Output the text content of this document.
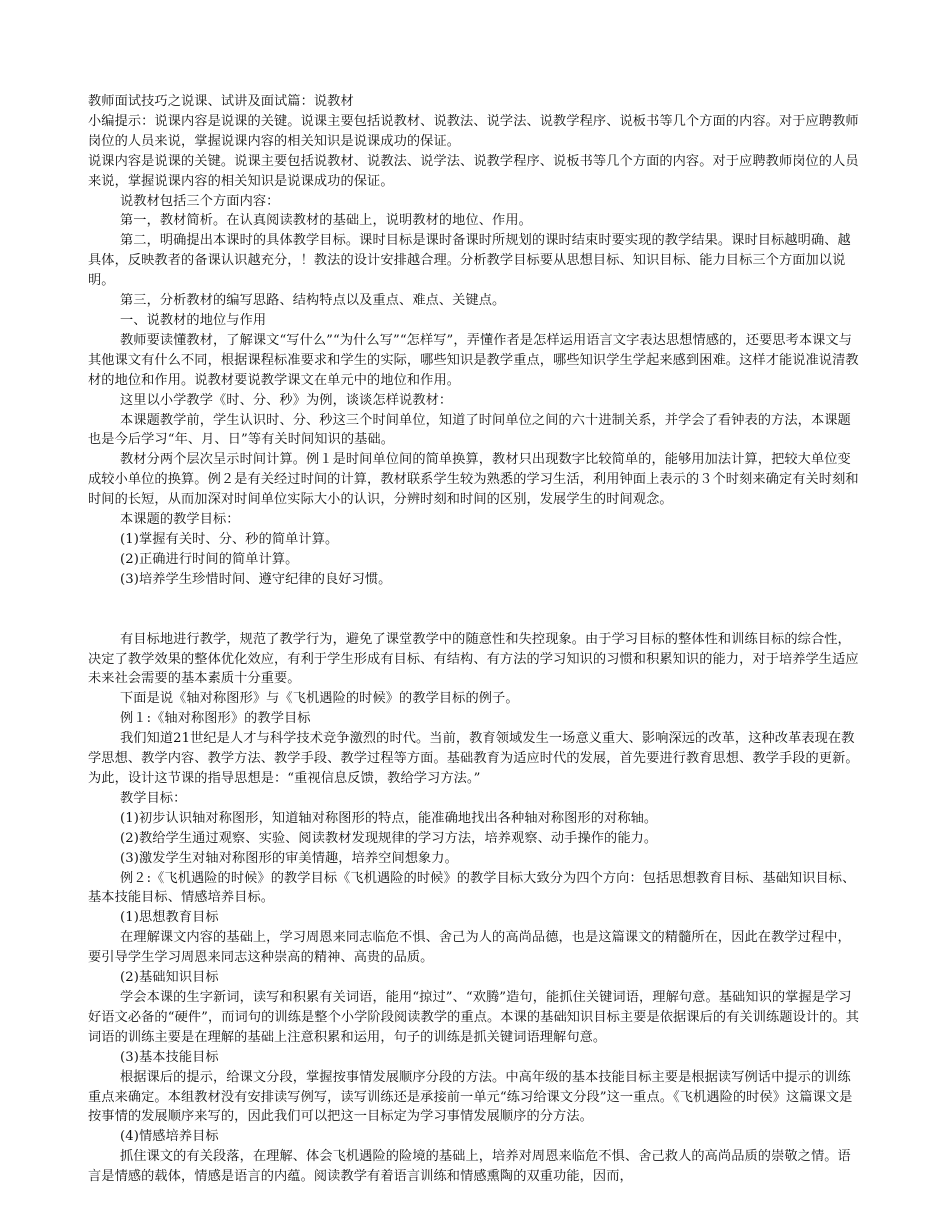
教师面试技巧之说课、试讲及面试篇：说教材

小编提示：说课内容是说课的关键。说课主要包括说教材、说教法、说学法、说教学程序、说板书等几个方面的内容。对于应聘教师岗位的人员来说，掌握说课内容的相关知识是说课成功的保证。

说课内容是说课的关键。说课主要包括说教材、说教法、说学法、说教学程序、说板书等几个方面的内容。对于应聘教师岗位的人员来说，掌握说课内容的相关知识是说课成功的保证。

说教材包括三个方面内容：

第一，教材简析。在认真阅读教材的基础上，说明教材的地位、作用。

第二，明确提出本课时的具体教学目标。课时目标是课时备课时所规划的课时结束时要实现的教学结果。课时目标越明确、越具体，反映教者的备课认识越充分，！教法的设计安排越合理。分析教学目标要从思想目标、知识目标、能力目标三个方面加以说明。

第三，分析教材的编写思路、结构特点以及重点、难点、关键点。

一、说教材的地位与作用

教师要读懂教材，了解课文“写什么”“为什么写”“怎样写”，弄懂作者是怎样运用语言文字表达思想情感的，还要思考本课文与其他课文有什么不同，根据课程标准要求和学生的实际，哪些知识是教学重点，哪些知识学生学起来感到困难。这样才能说准说清教材的地位和作用。说教材要说教学课文在单元中的地位和作用。

这里以小学教学《时、分、秒》为例，谈谈怎样说教材：

本课题教学前，学生认识时、分、秒这三个时间单位，知道了时间单位之间的六十进制关系，并学会了看钟表的方法，本课题也是今后学习“年、月、日”等有关时间知识的基础。

教材分两个层次呈示时间计算。例１是时间单位间的简单换算，教材只出现数字比较简单的，能够用加法计算，把较大单位变成较小单位的换算。例２是有关经过时间的计算，教材联系学生较为熟悉的学习生活，利用钟面上表示的３个时刻来确定有关时刻和时间的长短，从而加深对时间单位实际大小的认识，分辨时刻和时间的区别，发展学生的时间观念。

本课题的教学目标：

(1)掌握有关时、分、秒的简单计算。

(2)正确进行时间的简单计算。

(3)培养学生珍惜时间、遵守纪律的良好习惯。

有目标地进行教学，规范了教学行为，避免了课堂教学中的随意性和失控现象。由于学习目标的整体性和训练目标的综合性，决定了教学效果的整体优化效应，有利于学生形成有目标、有结构、有方法的学习知识的习惯和积累知识的能力，对于培养学生适应未来社会需要的基本素质十分重要。

下面是说《轴对称图形》与《飞机遇险的时候》的教学目标的例子。

例１:《轴对称图形》的教学目标

我们知道21世纪是人才与科学技术竞争激烈的时代。当前，教育领域发生一场意义重大、影响深远的改革，这种改革表现在教学思想、教学内容、教学方法、教学手段、教学过程等方面。基础教育为适应时代的发展，首先要进行教育思想、教学手段的更新。为此，设计这节课的指导思想是：“重视信息反馈，教给学习方法。”

教学目标：

(1)初步认识轴对称图形，知道轴对称图形的特点，能准确地找出各种轴对称图形的对称轴。

(2)教给学生通过观察、实验、阅读教材发现规律的学习方法，培养观察、动手操作的能力。

(3)激发学生对轴对称图形的审美情趣，培养空间想象力。

例２:《飞机遇险的时候》的教学目标《飞机遇险的时候》的教学目标大致分为四个方向：包括思想教育目标、基础知识目标、基本技能目标、情感培养目标。

(1)思想教育目标

在理解课文内容的基础上，学习周恩来同志临危不惧、舍己为人的高尚品德，也是这篇课文的精髓所在，因此在教学过程中，要引导学生学习周恩来同志这种崇高的精神、高贵的品质。

(2)基础知识目标

学会本课的生字新词，读写和积累有关词语，能用“掠过”、“欢腾”造句，能抓住关键词语，理解句意。基础知识的掌握是学习好语文必备的“硬件”，而词句的训练是整个小学阶段阅读教学的重点。本课的基础知识目标主要是依据课后的有关训练题设计的。其词语的训练主要是在理解的基础上注意积累和运用，句子的训练是抓关键词语理解句意。

(3)基本技能目标

根据课后的提示，给课文分段，掌握按事情发展顺序分段的方法。中高年级的基本技能目标主要是根据读写例话中提示的训练重点来确定。本组教材没有安排读写例写，读写训练还是承接前一单元“练习给课文分段”这一重点。《飞机遇险的时侯》这篇课文是按事情的发展顺序来写的，因此我们可以把这一目标定为学习事情发展顺序的分方法。

(4)情感培养目标

抓住课文的有关段落，在理解、体会飞机遇险的险境的基础上，培养对周恩来临危不惧、舍己救人的高尚品质的崇敬之情。语言是情感的载体，情感是语言的内蕴。阅读教学有着语言训练和情感熏陶的双重功能，因而，
